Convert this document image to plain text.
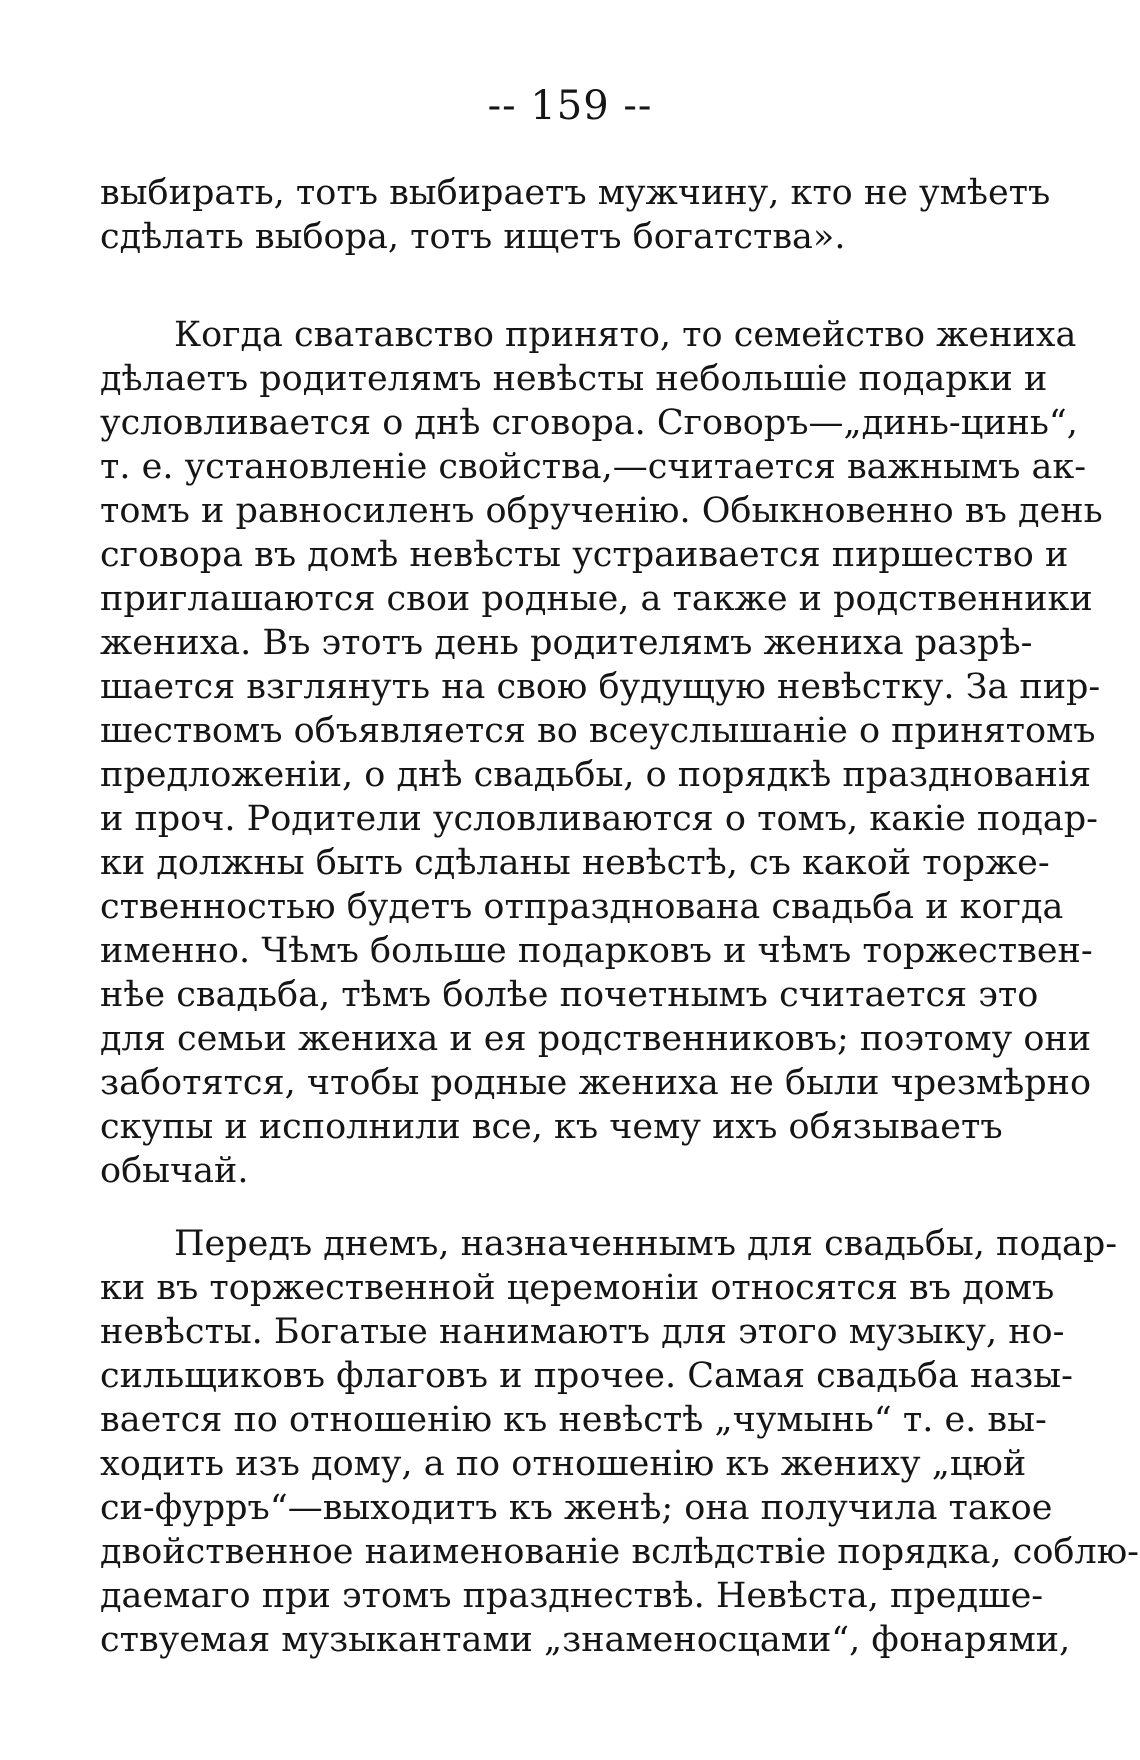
-- 159 --
выбирать, тотъ выбираетъ мужчину, кто не умѣетъ
сдѣлать выбора, тотъ ищетъ богатства».
Когда сватавство принято, то семейство жениха
дѣлаетъ родителямъ невѣсты небольшіе подарки и
условливается о днѣ сговора. Сговоръ—„динь-цинь“,
т. е. установленіе свойства,—считается важнымъ ак-
томъ и равносиленъ обрученію. Обыкновенно въ день
сговора въ домѣ невѣсты устраивается пиршество и
приглашаются свои родные, а также и родственники
жениха. Въ этотъ день родителямъ жениха разрѣ-
шается взглянуть на свою будущую невѣстку. За пир-
шествомъ объявляется во всеуслышаніе о принятомъ
предложеніи, о днѣ свадьбы, о порядкѣ празднованія
и проч. Родители условливаются о томъ, какіе подар-
ки должны быть сдѣланы невѣстѣ, съ какой торже-
ственностью будетъ отпразднована свадьба и когда
именно. Чѣмъ больше подарковъ и чѣмъ торжествен-
нѣе свадьба, тѣмъ болѣе почетнымъ считается это
для семьи жениха и ея родственниковъ; поэтому они
заботятся, чтобы родные жениха не были чрезмѣрно
скупы и исполнили все, къ чему ихъ обязываетъ
обычай.
Передъ днемъ, назначеннымъ для свадьбы, подар-
ки въ торжественной церемоніи относятся въ домъ
невѣсты. Богатые нанимаютъ для этого музыку, но-
сильщиковъ флаговъ и прочее. Самая свадьба назы-
вается по отношенію къ невѣстѣ „чумынь“ т. е. вы-
ходить изъ дому, а по отношенію къ жениху „цюй
си-фурръ“—выходитъ къ женѣ; она получила такое
двойственное наименованіе вслѣдствіе порядка, соблю-
даемаго при этомъ празднествѣ. Невѣста, предше-
ствуемая музыкантами „знаменосцами“, фонарями,
